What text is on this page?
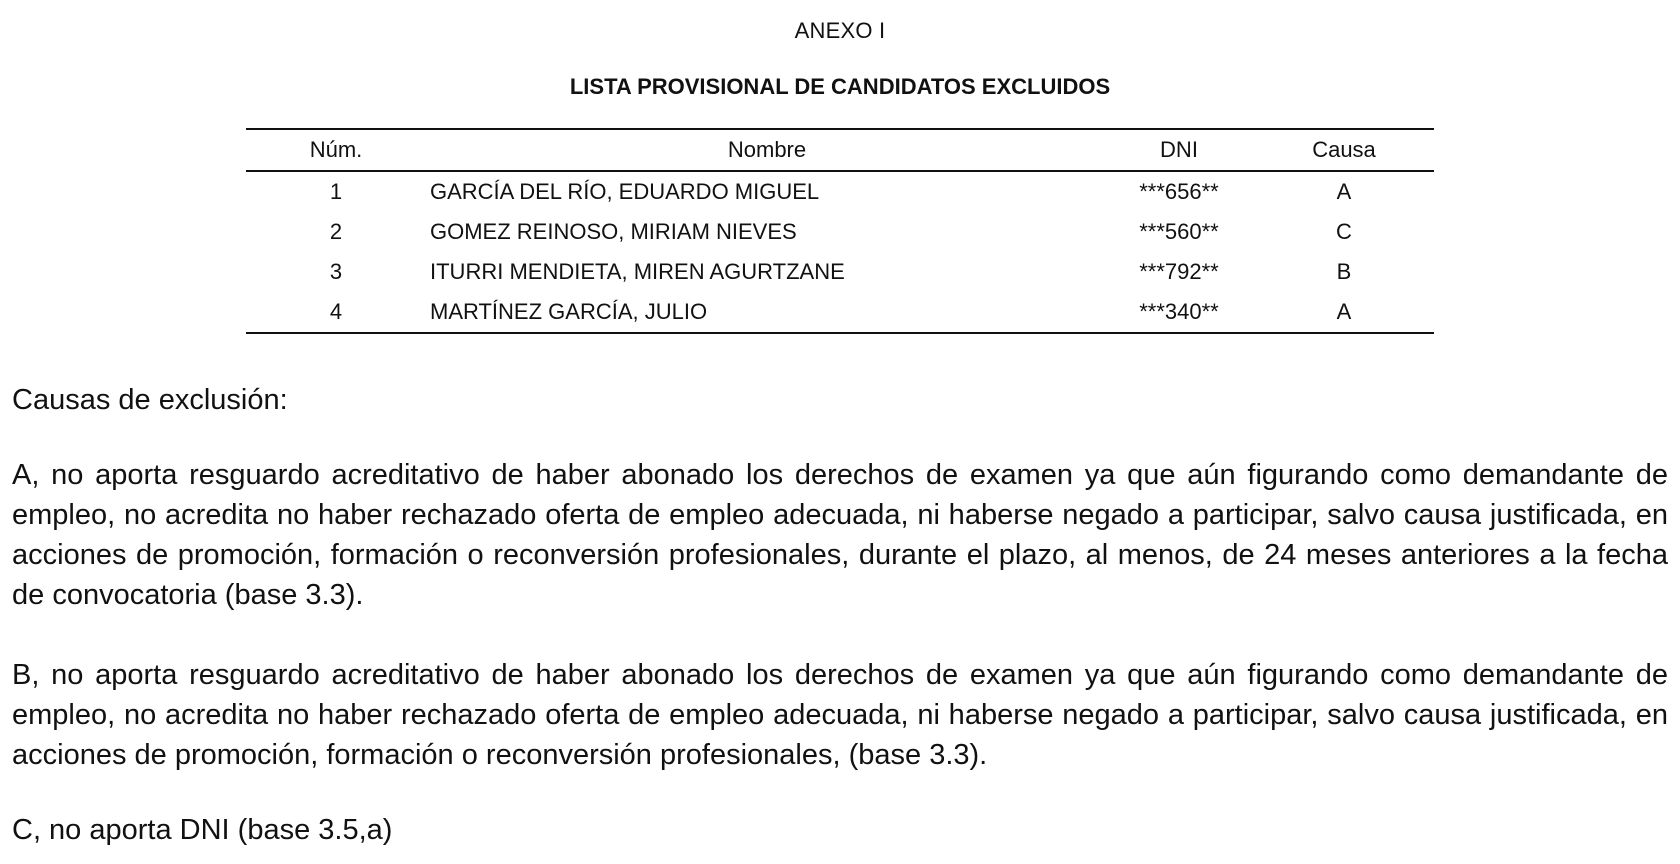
ANEXO I
LISTA PROVISIONAL DE CANDIDATOS EXCLUIDOS
Núm.	Nombre	DNI	Causa
1	GARCÍA DEL RÍO, EDUARDO MIGUEL	***656**	A
2	GOMEZ REINOSO, MIRIAM NIEVES	***560**	C
3	ITURRI MENDIETA, MIREN AGURTZANE	***792**	B
4	MARTÍNEZ GARCÍA, JULIO	***340**	A
Causas de exclusión:

A, no aporta resguardo acreditativo de haber abonado los derechos de examen ya que aún figurando como demandante de empleo, no acredita no haber rechazado oferta de empleo adecuada, ni haberse negado a participar, salvo causa justificada, en acciones de promoción, formación o reconversión profesionales, durante el plazo, al menos, de 24 meses anteriores a la fecha de convocatoria (base 3.3).

B, no aporta resguardo acreditativo de haber abonado los derechos de examen ya que aún figurando como demandante de empleo, no acredita no haber rechazado oferta de empleo adecuada, ni haberse negado a participar, salvo causa justificada, en acciones de promoción, formación o reconversión profesionales, (base 3.3).

C, no aporta DNI (base 3.5,a)
